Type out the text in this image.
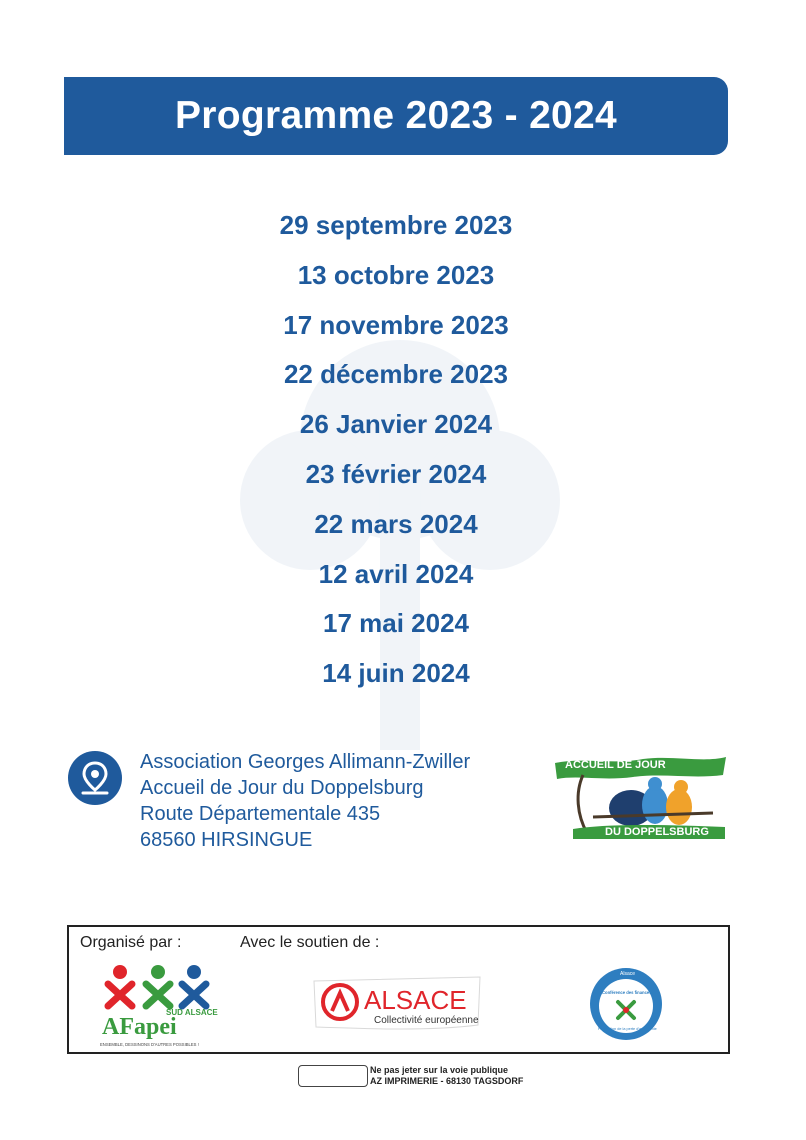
Programme 2023 - 2024
29 septembre 2023
13 octobre 2023
17 novembre 2023
22 décembre 2023
26 Janvier 2024
23 février 2024
22 mars 2024
12 avril 2024
17 mai 2024
14 juin 2024
Association Georges Allimann-Zwiller
Accueil de Jour du Doppelsburg
Route Départementale 435
68560 HIRSINGUE
ACCUEIL DE JOUR
DU DOPPELSBURG
Organisé par :	Avec le soutien de :
SUD ALSACE
AFapei
ENSEMBLE, DESSINONS D'AUTRES POSSIBLES !
ALSACE
Collectivité européenne
Alsace
Conférence des financeurs
Prévention de la perte d'autonomie
Ne pas jeter sur la voie publique
AZ IMPRIMERIE - 68130 TAGSDORF
